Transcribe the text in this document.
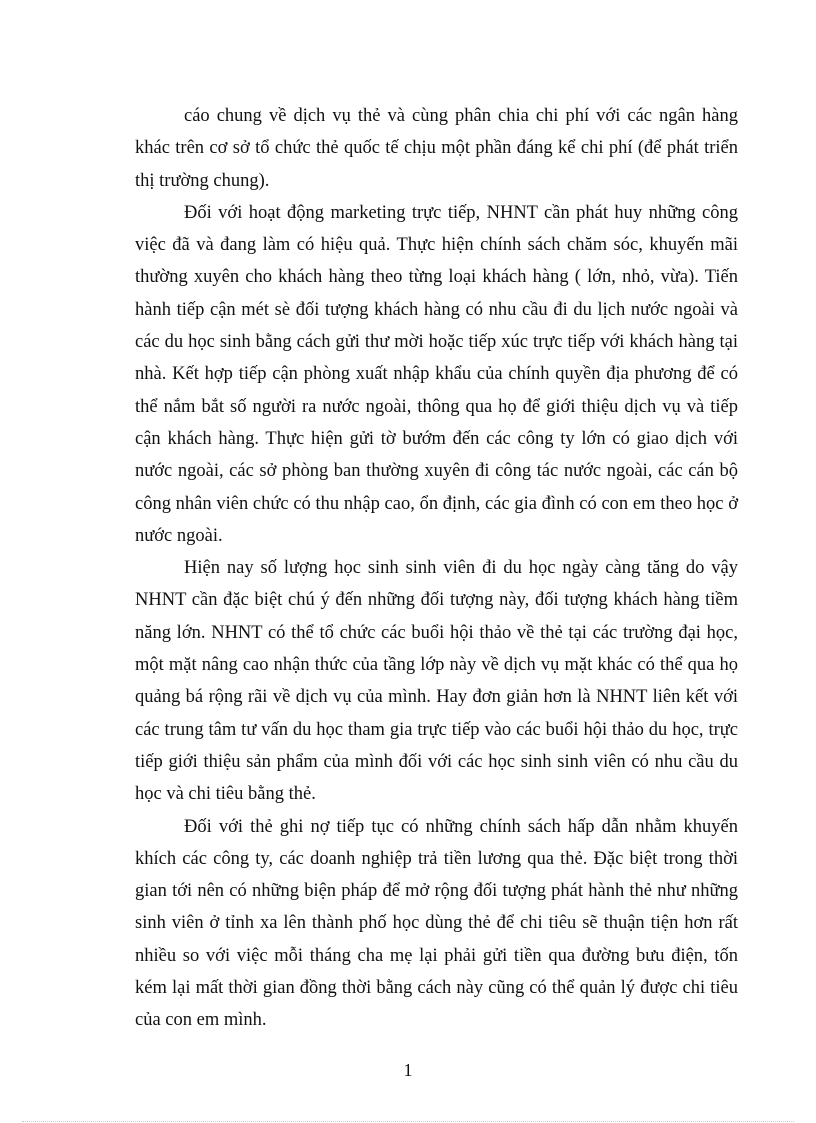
cáo chung về dịch vụ thẻ và cùng phân chia chi phí với các ngân hàng khác trên cơ sở tổ chức thẻ quốc tế chịu một phần đáng kể chi phí (để phát triển thị trường chung).

Đối với hoạt động marketing trực tiếp, NHNT cần phát huy những công việc đã và đang làm có hiệu quả. Thực hiện chính sách chăm sóc, khuyến mãi thường xuyên cho khách hàng theo từng loại khách hàng ( lớn, nhỏ, vừa). Tiến hành tiếp cận mét sè đối tượng khách hàng có nhu cầu đi du lịch nước ngoài và các du học sinh bằng cách gửi thư mời hoặc tiếp xúc trực tiếp với khách hàng tại nhà. Kết hợp tiếp cận phòng xuất nhập khẩu của chính quyền địa phương để có thể nắm bắt số người ra nước ngoài, thông qua họ để giới thiệu dịch vụ và tiếp cận khách hàng. Thực hiện gửi tờ bướm đến các công ty lớn có giao dịch với nước ngoài, các sở phòng ban thường xuyên đi công tác nước ngoài, các cán bộ công nhân viên chức có thu nhập cao, ổn định, các gia đình có con em theo học ở nước ngoài.

Hiện nay số lượng học sinh sinh viên đi du học ngày càng tăng do vậy NHNT cần đặc biệt chú ý đến những đối tượng này, đối tượng khách hàng tiềm năng lớn. NHNT có thể tổ chức các buổi hội thảo về thẻ tại các trường đại học, một mặt nâng cao nhận thức của tầng lớp này về dịch vụ mặt khác có thể qua họ quảng bá rộng rãi về dịch vụ của mình. Hay đơn giản hơn là NHNT liên kết với các trung tâm tư vấn du học tham gia trực tiếp vào các buổi hội thảo du học, trực tiếp giới thiệu sản phẩm của mình đối với các học sinh sinh viên có nhu cầu du học và chi tiêu bằng thẻ.

Đối với thẻ ghi nợ tiếp tục có những chính sách hấp dẫn nhằm khuyến khích các công ty, các doanh nghiệp trả tiền lương qua thẻ. Đặc biệt trong thời gian tới nên có những biện pháp để mở rộng đối tượng phát hành thẻ như những sinh viên ở tỉnh xa lên thành phố học dùng thẻ để chi tiêu sẽ thuận tiện hơn rất nhiều so với việc mỗi tháng cha mẹ lại phải gửi tiền qua đường bưu điện, tốn kém lại mất thời gian đồng thời bằng cách này cũng có thể quản lý được chi tiêu của con em mình.

1
